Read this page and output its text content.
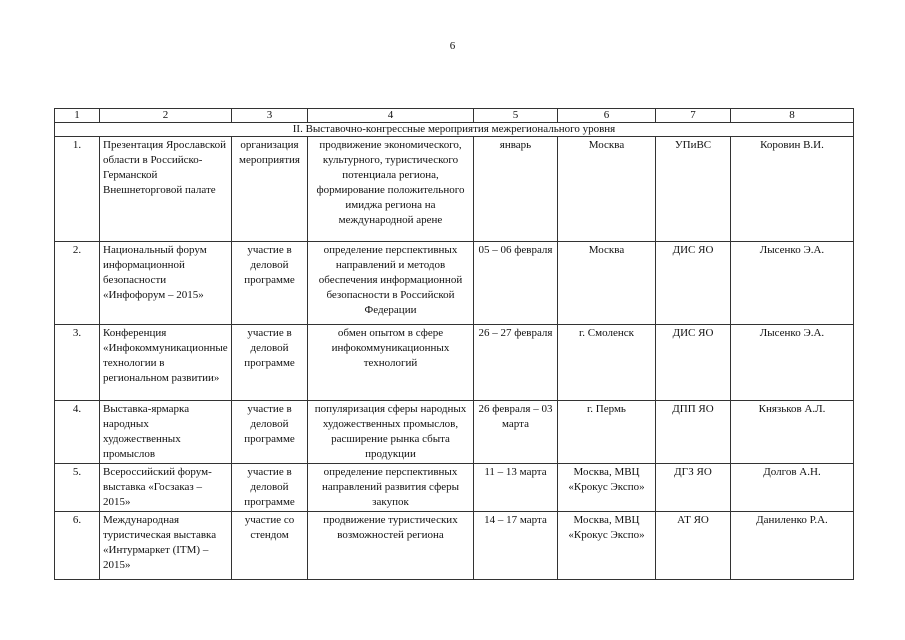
6
1	2	3	4	5	6	7	8
II. Выставочно-конгрессные мероприятия межрегионального уровня							
1.	Презентация Ярославской области в Российско-Германской Внешнеторговой палате	организация мероприятия	продвижение экономического, культурного, туристического потенциала региона, формирование положительного имиджа региона на международной арене	январь	Москва	УПиВС	Коровин В.И.
2.	Национальный форум информационной безопасности «Инфофорум – 2015»	участие в деловой программе	определение перспективных направлений и методов обеспечения информационной безопасности в Российской Федерации	05 – 06 февраля	Москва	ДИС ЯО	Лысенко Э.А.
3.	Конференция «Инфокоммуникационные технологии в региональном развитии»	участие в деловой программе	обмен опытом в сфере инфокоммуникационных технологий	26 – 27 февраля	г. Смоленск	ДИС ЯО	Лысенко Э.А.
4.	Выставка-ярмарка народных художественных промыслов	участие в деловой программе	популяризация сферы народных художественных промыслов, расширение рынка сбыта продукции	26 февраля – 03 марта	г. Пермь	ДПП ЯО	Князьков А.Л.
5.	Всероссийский форум-выставка «Госзаказ – 2015»	участие в деловой программе	определение перспективных направлений развития сферы закупок	11 – 13 марта	Москва, МВЦ «Крокус Экспо»	ДГЗ ЯО	Долгов А.Н.
6.	Международная туристическая выставка «Интурмаркет (ITM) – 2015»	участие со стендом	продвижение туристических возможностей региона	14 – 17 марта	Москва, МВЦ «Крокус Экспо»	АТ ЯО	Даниленко Р.А.
